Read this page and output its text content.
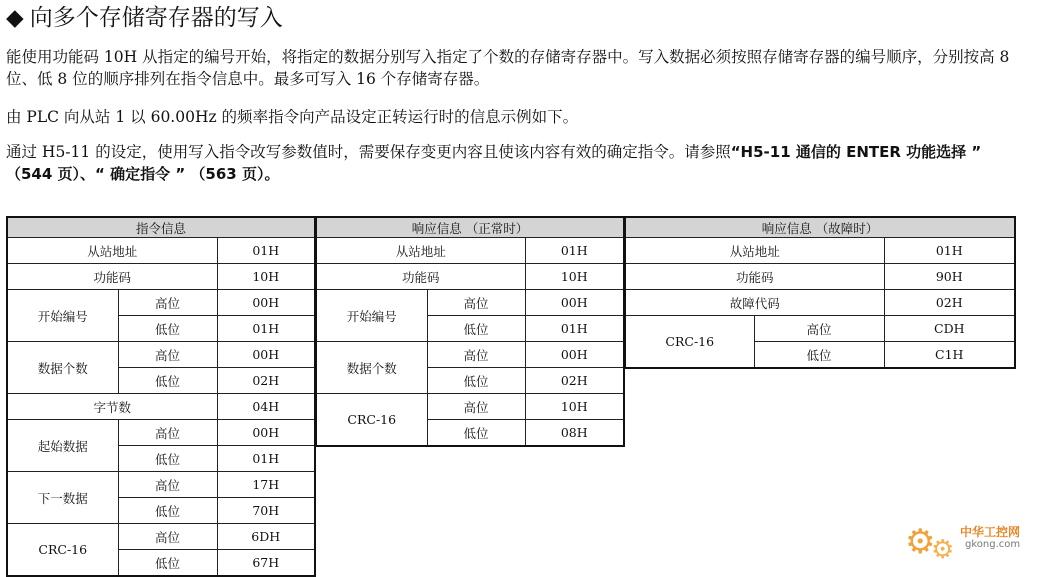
◆ 向多个存储寄存器的写入
能使用功能码 10H 从指定的编号开始，将指定的数据分别写入指定了个数的存储寄存器中。写入数据必须按照存储寄存器的编号顺序，分别按高 8 位、低 8 位的顺序排列在指令信息中。最多可写入 16 个存储寄存器。
由 PLC 向从站 1 以 60.00Hz 的频率指令向产品设定正转运行时的信息示例如下。
通过 H5-11 的设定，使用写入指令改写参数值时，需要保存变更内容且使该内容有效的确定指令。请参照“H5-11 通信的 ENTER 功能选择 ” （544 页）、“ 确定指令 ” （563 页）。
指令信息		
从站地址		01H
功能码		10H
开始编号	高位	00H
	低位	01H
数据个数	高位	00H
	低位	02H
字节数		04H
起始数据	高位	00H
	低位	01H
下一数据	高位	17H
	低位	70H
CRC-16	高位	6DH
	低位	67H
响应信息 （正常时）		
从站地址		01H
功能码		10H
开始编号	高位	00H
	低位	01H
数据个数	高位	00H
	低位	02H
CRC-16	高位	10H
	低位	08H
响应信息 （故障时）		
从站地址		01H
功能码		90H
故障代码		02H
CRC-16	高位	CDH
	低位	C1H
⚙
⚙
中华工控网
gkong.com
